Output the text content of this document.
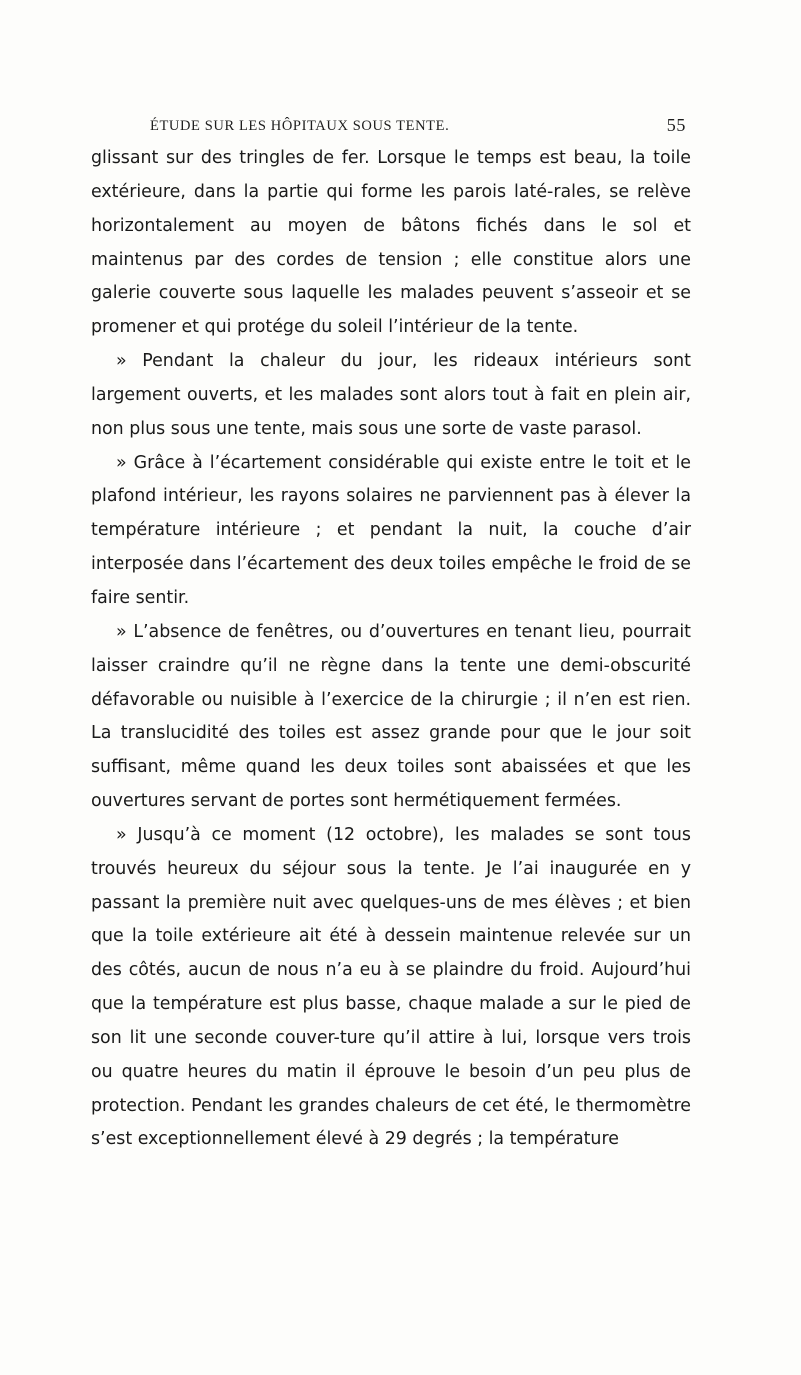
ÉTUDE SUR LES HÔPITAUX SOUS TENTE.	55

glissant sur des tringles de fer. Lorsque le temps est beau, la toile extérieure, dans la partie qui forme les parois laté-rales, se relève horizontalement au moyen de bâtons fichés dans le sol et maintenus par des cordes de tension ; elle constitue alors une galerie couverte sous laquelle les malades peuvent s’asseoir et se promener et qui protége du soleil l’intérieur de la tente.

» Pendant la chaleur du jour, les rideaux intérieurs sont largement ouverts, et les malades sont alors tout à fait en plein air, non plus sous une tente, mais sous une sorte de vaste parasol.

» Grâce à l’écartement considérable qui existe entre le toit et le plafond intérieur, les rayons solaires ne parviennent pas à élever la température intérieure ; et pendant la nuit, la couche d’air interposée dans l’écartement des deux toiles empêche le froid de se faire sentir.

» L’absence de fenêtres, ou d’ouvertures en tenant lieu, pourrait laisser craindre qu’il ne règne dans la tente une demi-obscurité défavorable ou nuisible à l’exercice de la chirurgie ; il n’en est rien. La translucidité des toiles est assez grande pour que le jour soit suffisant, même quand les deux toiles sont abaissées et que les ouvertures servant de portes sont hermétiquement fermées.

» Jusqu’à ce moment (12 octobre), les malades se sont tous trouvés heureux du séjour sous la tente. Je l’ai inaugurée en y passant la première nuit avec quelques-uns de mes élèves ; et bien que la toile extérieure ait été à dessein maintenue relevée sur un des côtés, aucun de nous n’a eu à se plaindre du froid. Aujourd’hui que la température est plus basse, chaque malade a sur le pied de son lit une seconde couver-ture qu’il attire à lui, lorsque vers trois ou quatre heures du matin il éprouve le besoin d’un peu plus de protection. Pendant les grandes chaleurs de cet été, le thermomètre s’est exceptionnellement élevé à 29 degrés ; la température
